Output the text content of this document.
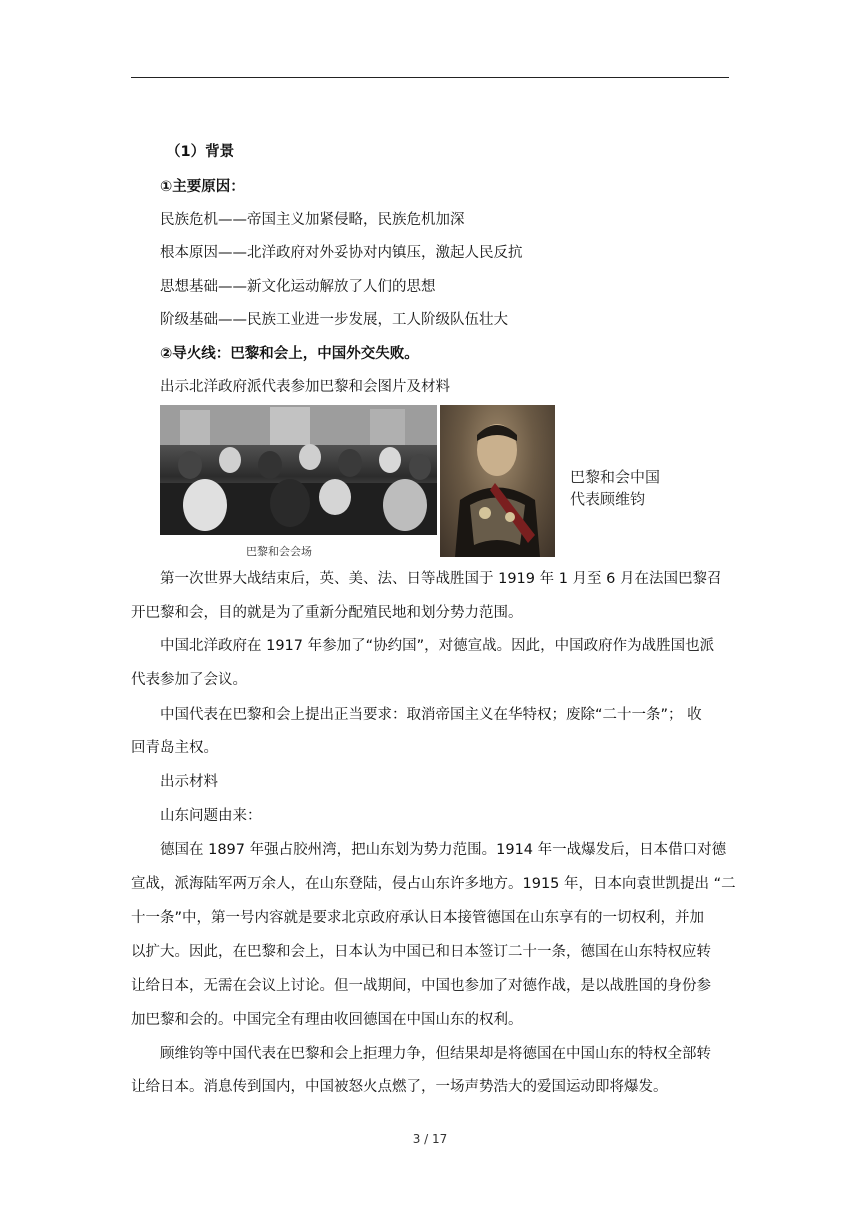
（1）背景
①主要原因：
民族危机——帝国主义加紧侵略，民族危机加深
根本原因——北洋政府对外妥协对内镇压，激起人民反抗
思想基础——新文化运动解放了人们的思想
阶级基础——民族工业进一步发展，工人阶级队伍壮大
②导火线：巴黎和会上，中国外交失败。
出示北洋政府派代表参加巴黎和会图片及材料
巴黎和会会场
巴黎和会中国
代表顾维钧
第一次世界大战结束后，英、美、法、日等战胜国于 1919 年 1 月至 6 月在法国巴黎召
开巴黎和会，目的就是为了重新分配殖民地和划分势力范围。
中国北洋政府在 1917 年参加了“协约国”，对德宣战。因此，中国政府作为战胜国也派
代表参加了会议。
中国代表在巴黎和会上提出正当要求：取消帝国主义在华特权；废除“二十一条”； 收
回青岛主权。
出示材料
山东问题由来：
德国在 1897 年强占胶州湾，把山东划为势力范围。1914 年一战爆发后，日本借口对德
宣战，派海陆军两万余人，在山东登陆，侵占山东许多地方。1915 年，日本向袁世凯提出 “二
十一条”中，第一号内容就是要求北京政府承认日本接管德国在山东享有的一切权利，并加
以扩大。因此，在巴黎和会上，日本认为中国已和日本签订二十一条，德国在山东特权应转
让给日本，无需在会议上讨论。但一战期间，中国也参加了对德作战，是以战胜国的身份参
加巴黎和会的。中国完全有理由收回德国在中国山东的权利。
顾维钧等中国代表在巴黎和会上拒理力争，但结果却是将德国在中国山东的特权全部转
让给日本。消息传到国内，中国被怒火点燃了，一场声势浩大的爱国运动即将爆发。
3 / 17
